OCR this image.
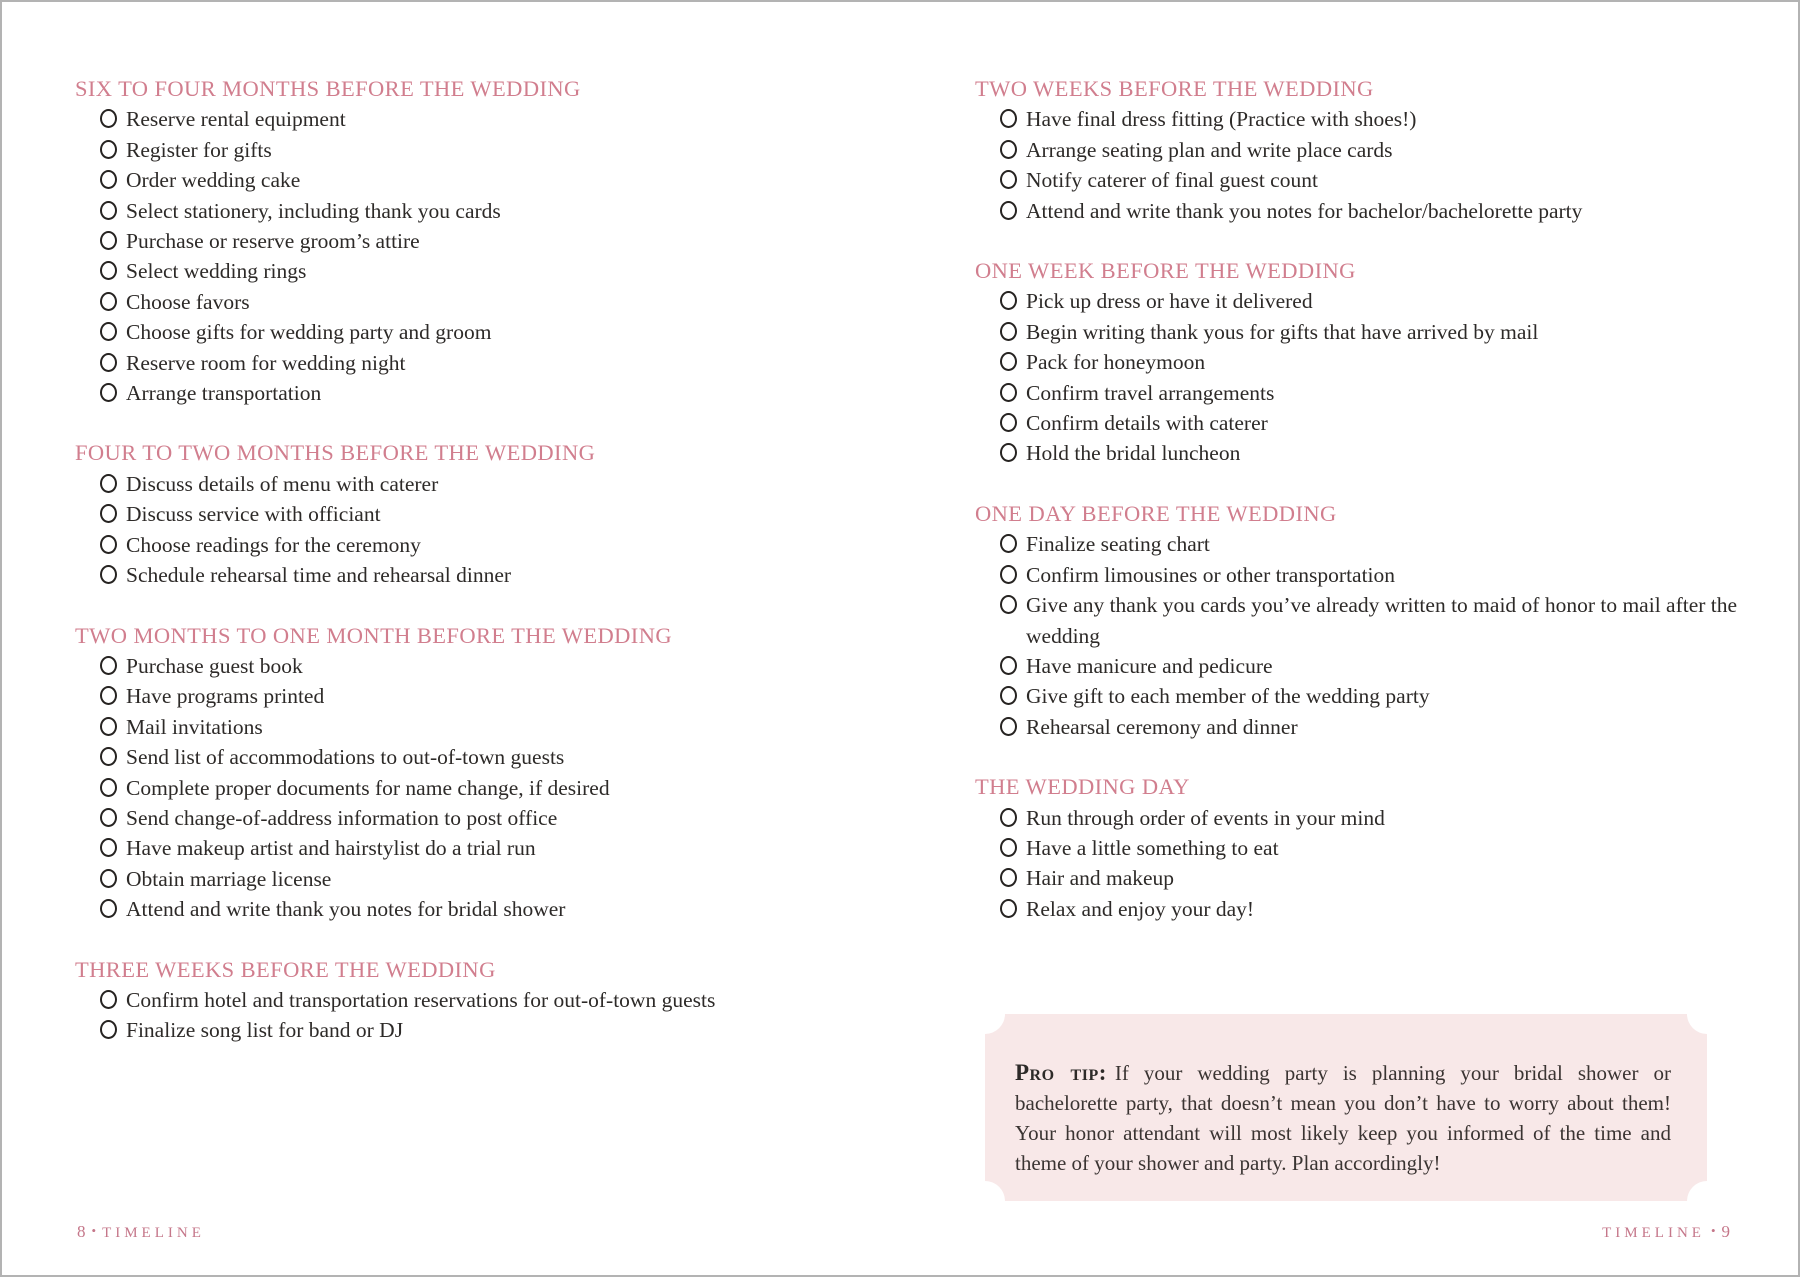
SIX TO FOUR MONTHS BEFORE THE WEDDING
Reserve rental equipment
Register for gifts
Order wedding cake
Select stationery, including thank you cards
Purchase or reserve groom’s attire
Select wedding rings
Choose favors
Choose gifts for wedding party and groom
Reserve room for wedding night
Arrange transportation
FOUR TO TWO MONTHS BEFORE THE WEDDING
Discuss details of menu with caterer
Discuss service with officiant
Choose readings for the ceremony
Schedule rehearsal time and rehearsal dinner
TWO MONTHS TO ONE MONTH BEFORE THE WEDDING
Purchase guest book
Have programs printed
Mail invitations
Send list of accommodations to out-of-town guests
Complete proper documents for name change, if desired
Send change-of-address information to post office
Have makeup artist and hairstylist do a trial run
Obtain marriage license
Attend and write thank you notes for bridal shower
THREE WEEKS BEFORE THE WEDDING
Confirm hotel and transportation reservations for out-of-town guests
Finalize song list for band or DJ
TWO WEEKS BEFORE THE WEDDING
Have final dress fitting (Practice with shoes!)
Arrange seating plan and write place cards
Notify caterer of final guest count
Attend and write thank you notes for bachelor/bachelorette party
ONE WEEK BEFORE THE WEDDING
Pick up dress or have it delivered
Begin writing thank yous for gifts that have arrived by mail
Pack for honeymoon
Confirm travel arrangements
Confirm details with caterer
Hold the bridal luncheon
ONE DAY BEFORE THE WEDDING
Finalize seating chart
Confirm limousines or other transportation
Give any thank you cards you’ve already written to maid of honor to mail after the wedding
Have manicure and pedicure
Give gift to each member of the wedding party
Rehearsal ceremony and dinner
THE WEDDING DAY
Run through order of events in your mind
Have a little something to eat
Hair and makeup
Relax and enjoy your day!
Pro tip: If your wedding party is planning your bridal shower or bachelorette party, that doesn’t mean you don’t have to worry about them! Your honor attendant will most likely keep you informed of the time and theme of your shower and party. Plan accordingly!
8 • TIMELINE	TIMELINE • 9
